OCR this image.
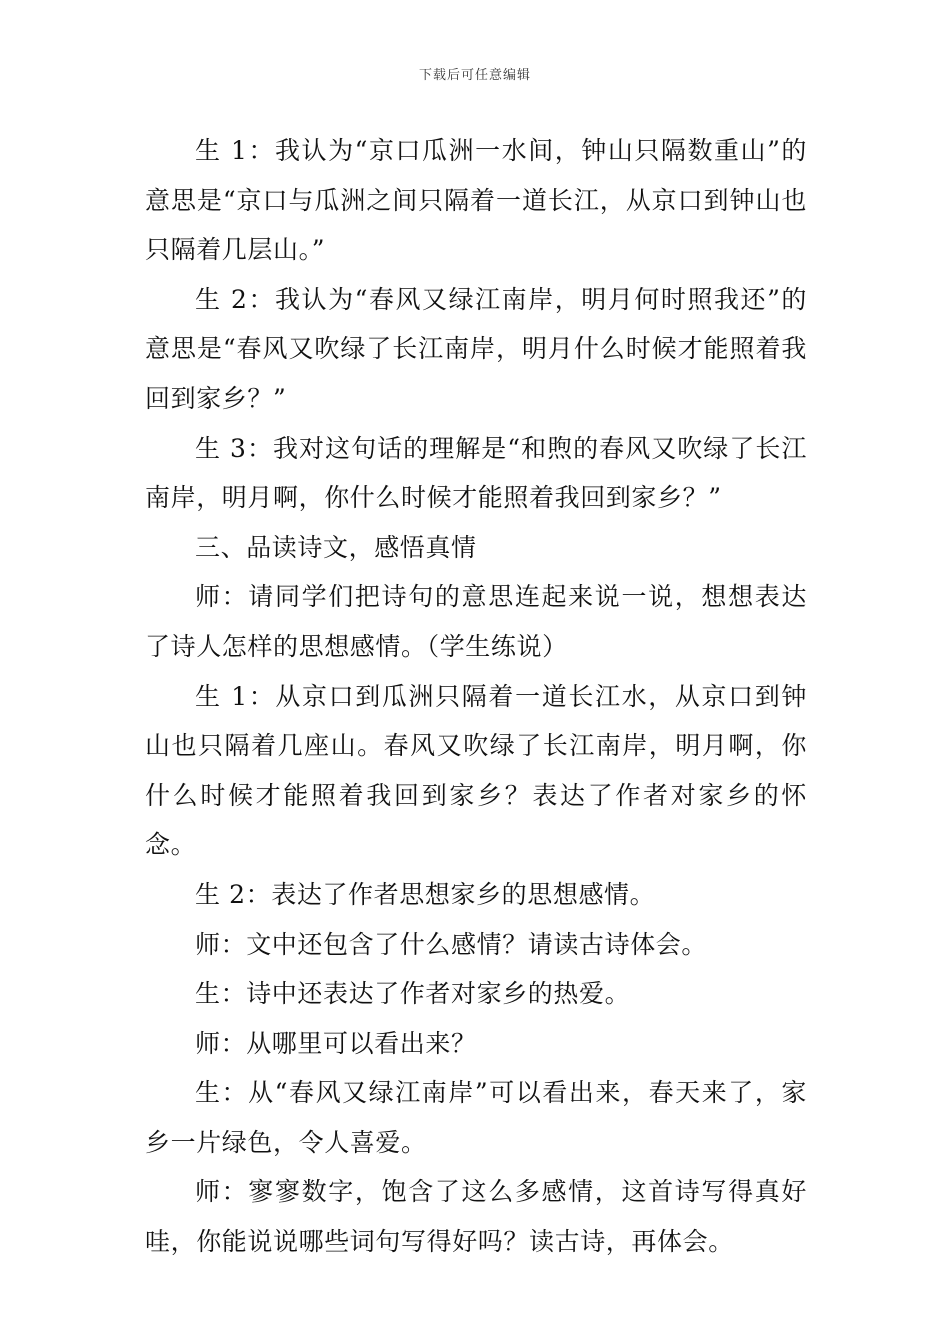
下载后可任意编辑

生 1：我认为“京口瓜洲一水间，钟山只隔数重山”的意思是“京口与瓜洲之间只隔着一道长江，从京口到钟山也只隔着几层山。”

生 2：我认为“春风又绿江南岸，明月何时照我还”的意思是“春风又吹绿了长江南岸，明月什么时候才能照着我回到家乡？”

生 3：我对这句话的理解是“和煦的春风又吹绿了长江南岸，明月啊，你什么时候才能照着我回到家乡？”

三、品读诗文，感悟真情

师：请同学们把诗句的意思连起来说一说，想想表达了诗人怎样的思想感情。（学生练说）

生 1：从京口到瓜洲只隔着一道长江水，从京口到钟山也只隔着几座山。春风又吹绿了长江南岸，明月啊，你什么时候才能照着我回到家乡？表达了作者对家乡的怀念。

生 2：表达了作者思想家乡的思想感情。

师：文中还包含了什么感情？请读古诗体会。

生：诗中还表达了作者对家乡的热爱。

师：从哪里可以看出来？

生：从“春风又绿江南岸”可以看出来，春天来了，家乡一片绿色，令人喜爱。

师：寥寥数字，饱含了这么多感情，这首诗写得真好哇，你能说说哪些词句写得好吗？读古诗，再体会。
